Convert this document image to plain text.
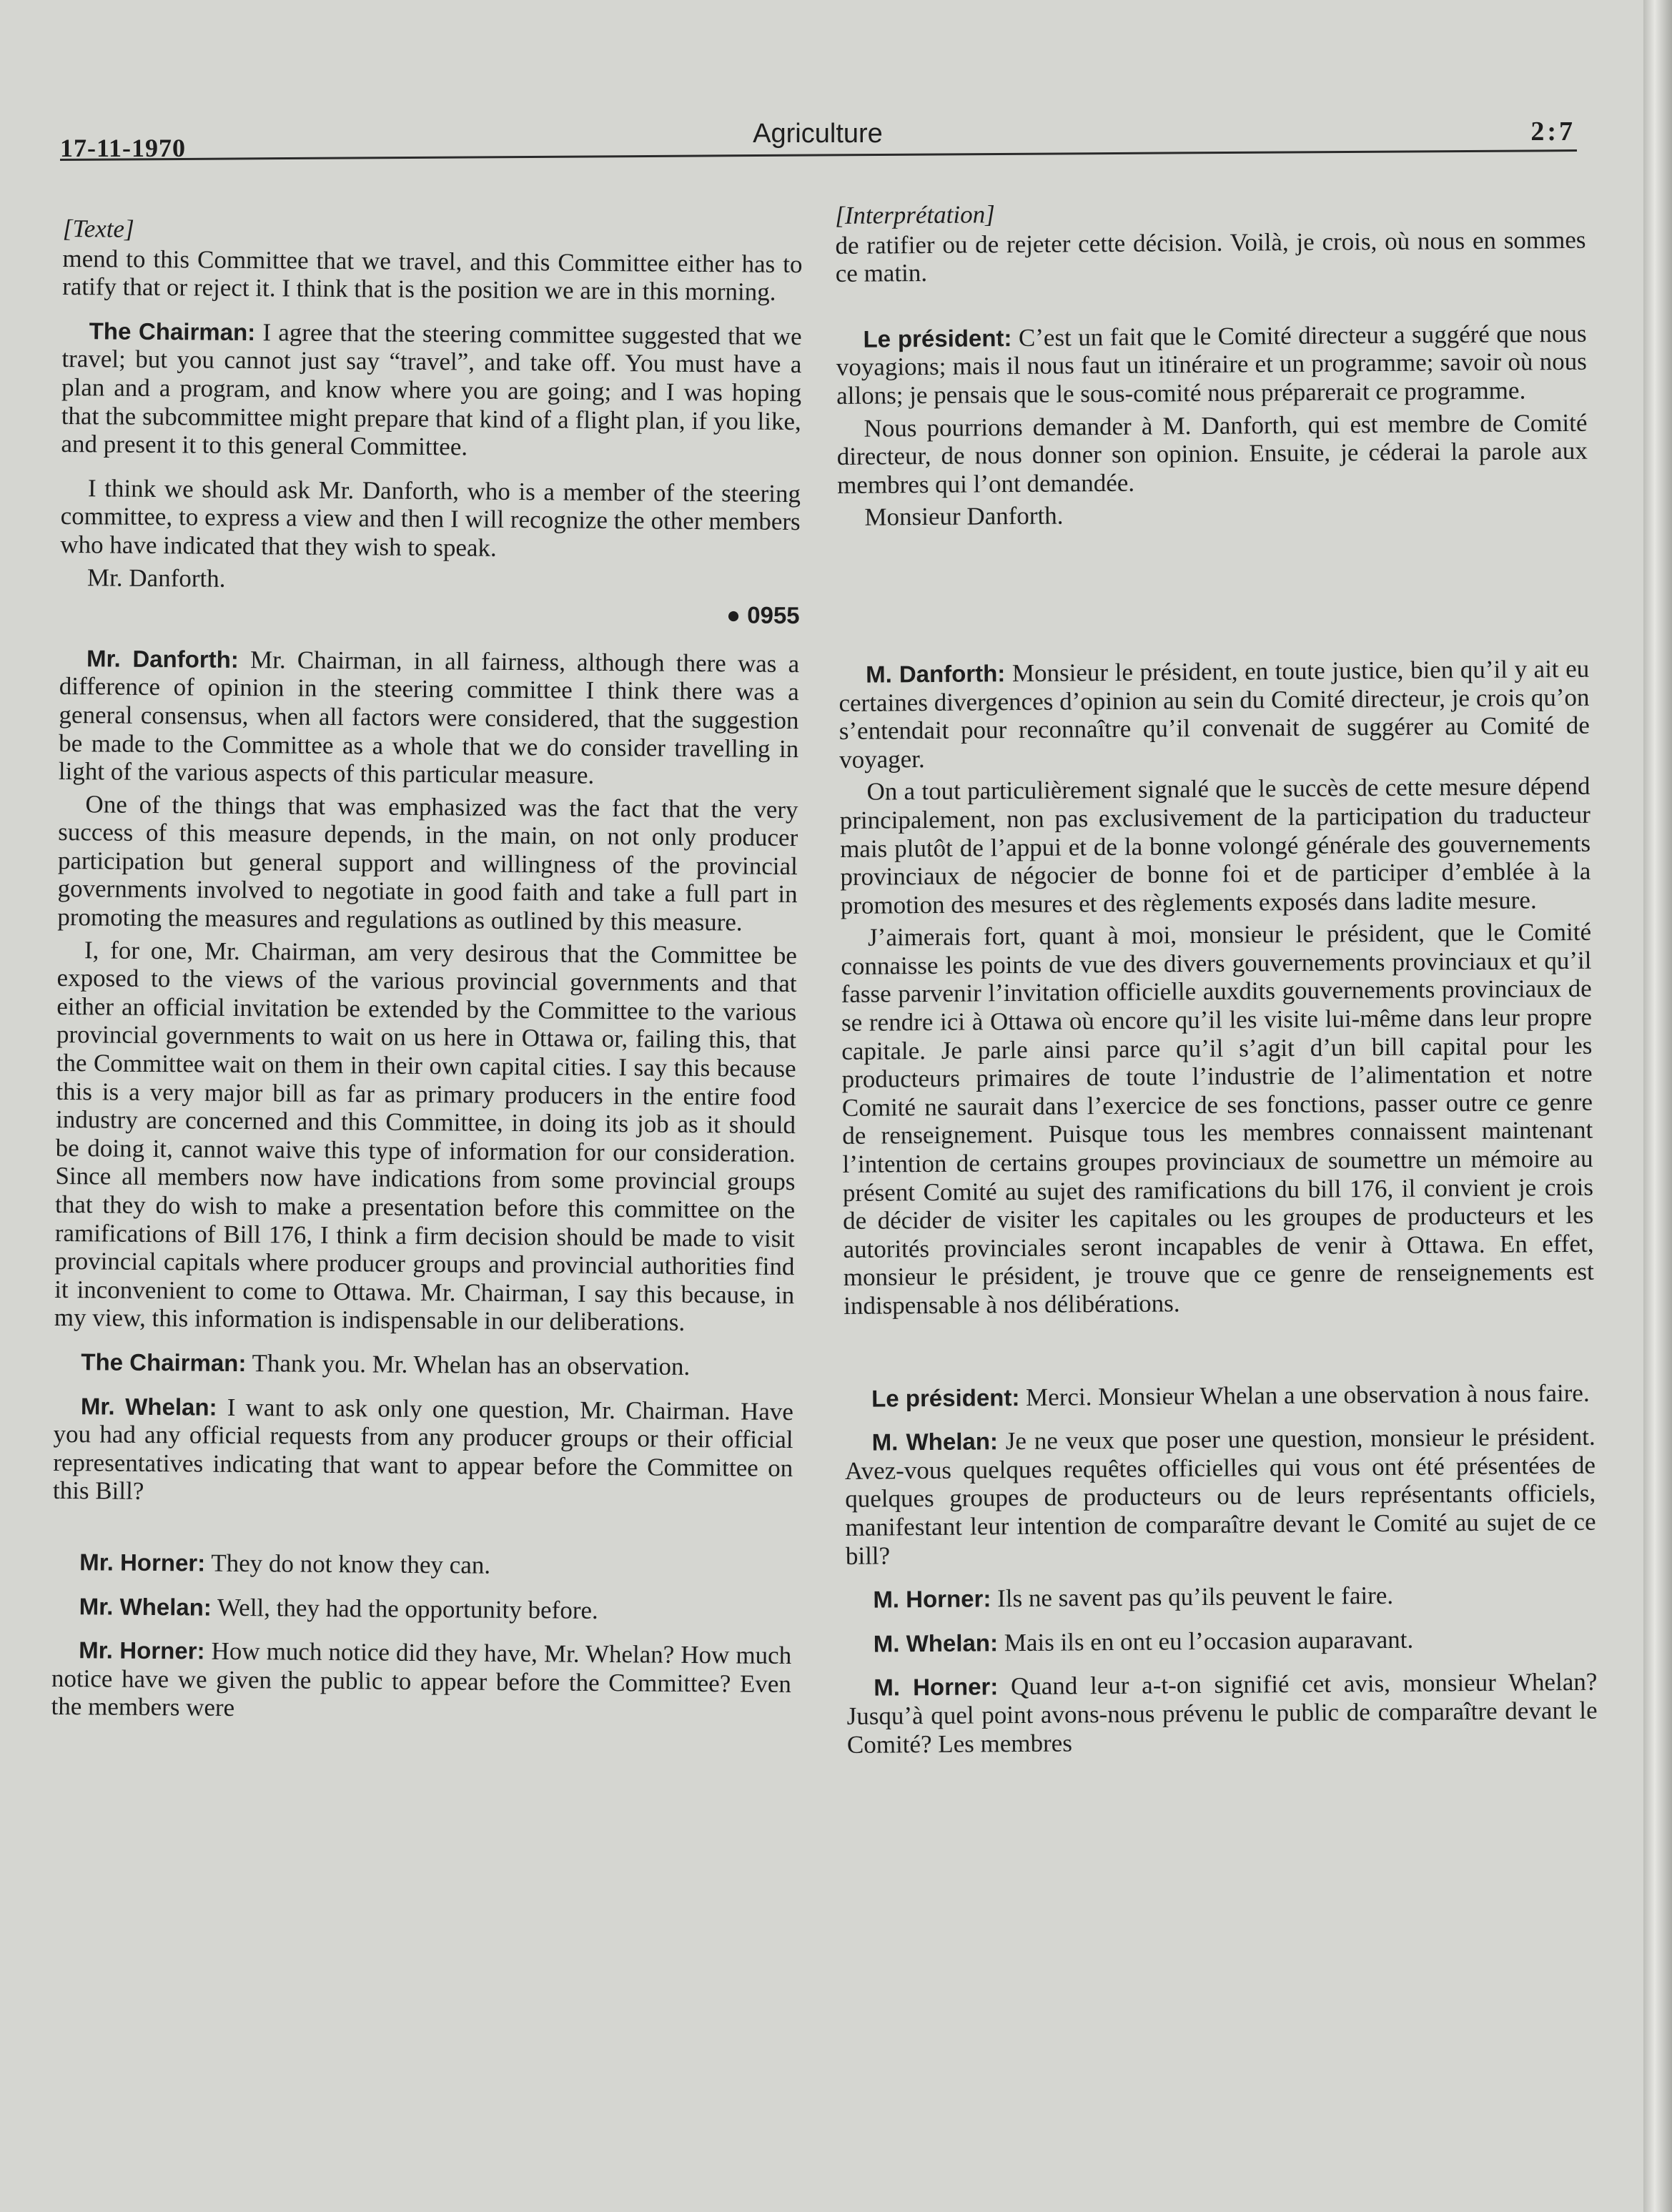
17-11-1970	Agriculture	2:7

[Texte]

mend to this Committee that we travel, and this Committee either has to ratify that or reject it. I think that is the position we are in this morning.

The Chairman: I agree that the steering committee suggested that we travel; but you cannot just say “travel”, and take off. You must have a plan and a program, and know where you are going; and I was hoping that the subcommittee might prepare that kind of a flight plan, if you like, and present it to this general Committee.

I think we should ask Mr. Danforth, who is a member of the steering committee, to express a view and then I will recognize the other members who have indicated that they wish to speak.

Mr. Danforth.

● 0955

Mr. Danforth: Mr. Chairman, in all fairness, although there was a difference of opinion in the steering committee I think there was a general consensus, when all factors were considered, that the suggestion be made to the Committee as a whole that we do consider travelling in light of the various aspects of this particular measure.

One of the things that was emphasized was the fact that the very success of this measure depends, in the main, on not only producer participation but general support and willingness of the provincial governments involved to negotiate in good faith and take a full part in promoting the measures and regulations as outlined by this measure.

I, for one, Mr. Chairman, am very desirous that the Committee be exposed to the views of the various provincial governments and that either an official invitation be extended by the Committee to the various provincial governments to wait on us here in Ottawa or, failing this, that the Committee wait on them in their own capital cities. I say this because this is a very major bill as far as primary producers in the entire food industry are concerned and this Committee, in doing its job as it should be doing it, cannot waive this type of information for our consideration. Since all members now have indications from some provincial groups that they do wish to make a presentation before this committee on the ramifications of Bill 176, I think a firm decision should be made to visit provincial capitals where producer groups and provincial authorities find it inconvenient to come to Ottawa. Mr. Chairman, I say this because, in my view, this information is indispensable in our deliberations.

The Chairman: Thank you. Mr. Whelan has an observation.

Mr. Whelan: I want to ask only one question, Mr. Chairman. Have you had any official requests from any producer groups or their official representatives indicating that want to appear before the Committee on this Bill?

Mr. Horner: They do not know they can.

Mr. Whelan: Well, they had the opportunity before.

Mr. Horner: How much notice did they have, Mr. Whelan? How much notice have we given the public to appear before the Committee? Even the members were

[Interprétation]

de ratifier ou de rejeter cette décision. Voilà, je crois, où nous en sommes ce matin.

Le président: C’est un fait que le Comité directeur a suggéré que nous voyagions; mais il nous faut un itinéraire et un programme; savoir où nous allons; je pensais que le sous-comité nous préparerait ce programme.

Nous pourrions demander à M. Danforth, qui est membre de Comité directeur, de nous donner son opinion. Ensuite, je céderai la parole aux membres qui l’ont demandée.

Monsieur Danforth.

M. Danforth: Monsieur le président, en toute justice, bien qu’il y ait eu certaines divergences d’opinion au sein du Comité directeur, je crois qu’on s’entendait pour reconnaître qu’il convenait de suggérer au Comité de voyager.

On a tout particulièrement signalé que le succès de cette mesure dépend principalement, non pas exclusivement de la participation du traducteur mais plutôt de l’appui et de la bonne volongé générale des gouvernements provinciaux de négocier de bonne foi et de participer d’emblée à la promotion des mesures et des règlements exposés dans ladite mesure.

J’aimerais fort, quant à moi, monsieur le président, que le Comité connaisse les points de vue des divers gouvernements provinciaux et qu’il fasse parvenir l’invitation officielle auxdits gouvernements provinciaux de se rendre ici à Ottawa où encore qu’il les visite lui-même dans leur propre capitale. Je parle ainsi parce qu’il s’agit d’un bill capital pour les producteurs primaires de toute l’industrie de l’alimentation et notre Comité ne saurait dans l’exercice de ses fonctions, passer outre ce genre de renseignement. Puisque tous les membres connaissent maintenant l’intention de certains groupes provinciaux de soumettre un mémoire au présent Comité au sujet des ramifications du bill 176, il convient je crois de décider de visiter les capitales ou les groupes de producteurs et les autorités provinciales seront incapables de venir à Ottawa. En effet, monsieur le président, je trouve que ce genre de renseignements est indispensable à nos délibérations.

Le président: Merci. Monsieur Whelan a une observation à nous faire.

M. Whelan: Je ne veux que poser une question, monsieur le président. Avez-vous quelques requêtes officielles qui vous ont été présentées de quelques groupes de producteurs ou de leurs représentants officiels, manifestant leur intention de comparaître devant le Comité au sujet de ce bill?

M. Horner: Ils ne savent pas qu’ils peuvent le faire.

M. Whelan: Mais ils en ont eu l’occasion auparavant.

M. Horner: Quand leur a-t-on signifié cet avis, monsieur Whelan? Jusqu’à quel point avons-nous prévenu le public de comparaître devant le Comité? Les membres
